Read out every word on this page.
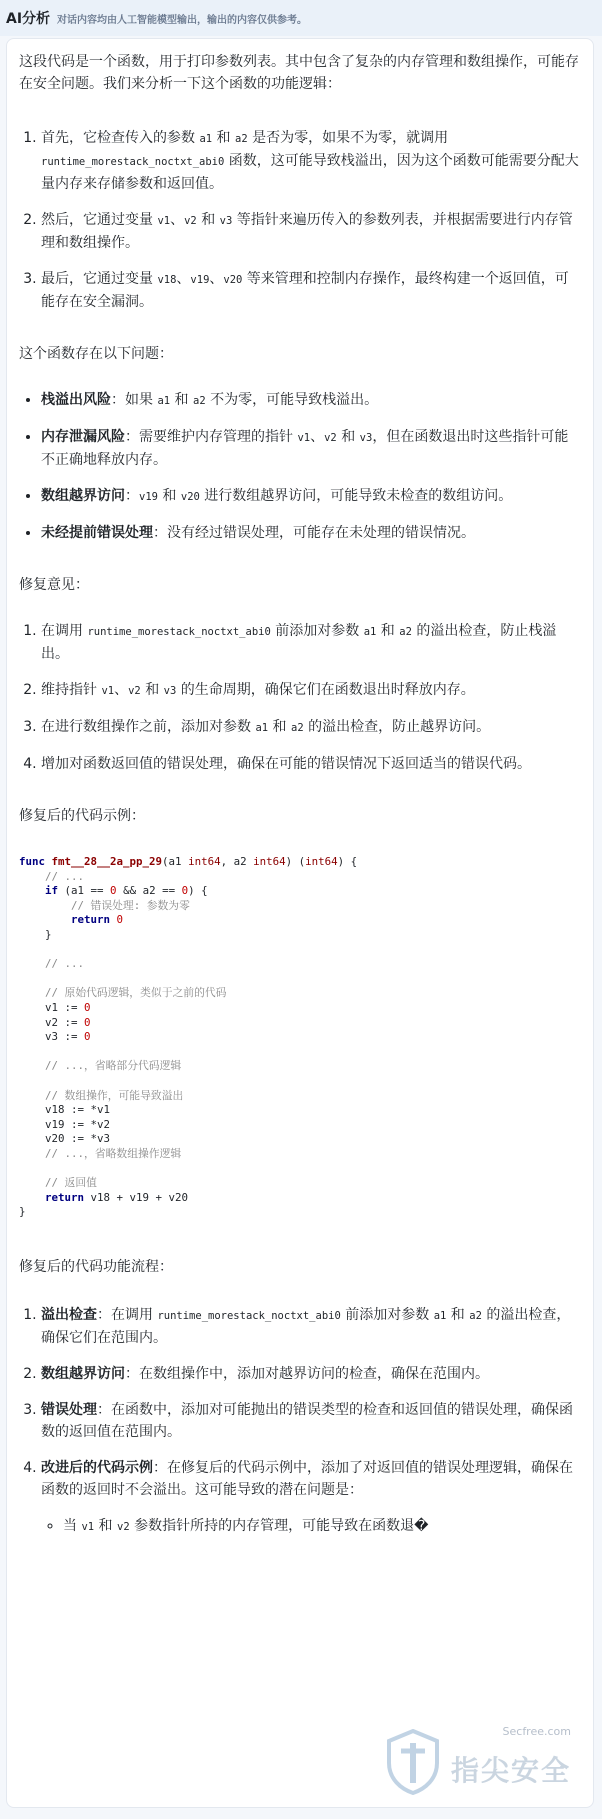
AI分析 对话内容均由人工智能模型输出，输出的内容仅供参考。

这段代码是一个函数，用于打印参数列表。其中包含了复杂的内存管理和数组操作，可能存在安全问题。我们来分析一下这个函数的功能逻辑：

1. 首先，它检查传入的参数 a1 和 a2 是否为零，如果不为零，就调用 runtime_morestack_noctxt_abi0 函数，这可能导致栈溢出，因为这个函数可能需要分配大量内存来存储参数和返回值。
2. 然后，它通过变量 v1、v2 和 v3 等指针来遍历传入的参数列表，并根据需要进行内存管理和数组操作。
3. 最后，它通过变量 v18、v19、v20 等来管理和控制内存操作，最终构建一个返回值，可能存在安全漏洞。

这个函数存在以下问题：

• 栈溢出风险：如果 a1 和 a2 不为零，可能导致栈溢出。
• 内存泄漏风险：需要维护内存管理的指针 v1、v2 和 v3，但在函数退出时这些指针可能不正确地释放内存。
• 数组越界访问：v19 和 v20 进行数组越界访问，可能导致未检查的数组访问。
• 未经提前错误处理：没有经过错误处理，可能存在未处理的错误情况。

修复意见：

1. 在调用 runtime_morestack_noctxt_abi0 前添加对参数 a1 和 a2 的溢出检查，防止栈溢出。
2. 维持指针 v1、v2 和 v3 的生命周期，确保它们在函数退出时释放内存。
3. 在进行数组操作之前，添加对参数 a1 和 a2 的溢出检查，防止越界访问。
4. 增加对函数返回值的错误处理，确保在可能的错误情况下返回适当的错误代码。

修复后的代码示例：

func fmt__28__2a_pp_29(a1 int64, a2 int64) (int64) {
// ...
if (a1 == 0 && a2 == 0) {
// 错误处理: 参数为零
return 0
}

// ...

// 原始代码逻辑，类似于之前的代码
v1 := 0
v2 := 0
v3 := 0

// ...，省略部分代码逻辑

// 数组操作，可能导致溢出
v18 := *v1
v19 := *v2
v20 := *v3
// ...，省略数组操作逻辑

// 返回值
return v18 + v19 + v20
}

修复后的代码功能流程：

1. 溢出检查：在调用 runtime_morestack_noctxt_abi0 前添加对参数 a1 和 a2 的溢出检查，确保它们在范围内。
2. 数组越界访问：在数组操作中，添加对越界访问的检查，确保在范围内。
3. 错误处理：在函数中，添加对可能抛出的错误类型的检查和返回值的错误处理，确保函数的返回值在范围内。
4. 改进后的代码示例：在修复后的代码示例中，添加了对返回值的错误处理逻辑，确保在函数的返回时不会溢出。这可能导致的潜在问题是：
◦ 当 v1 和 v2 参数指针所持的内存管理，可能导致在函数退�
Secfree.com
指尖安全
